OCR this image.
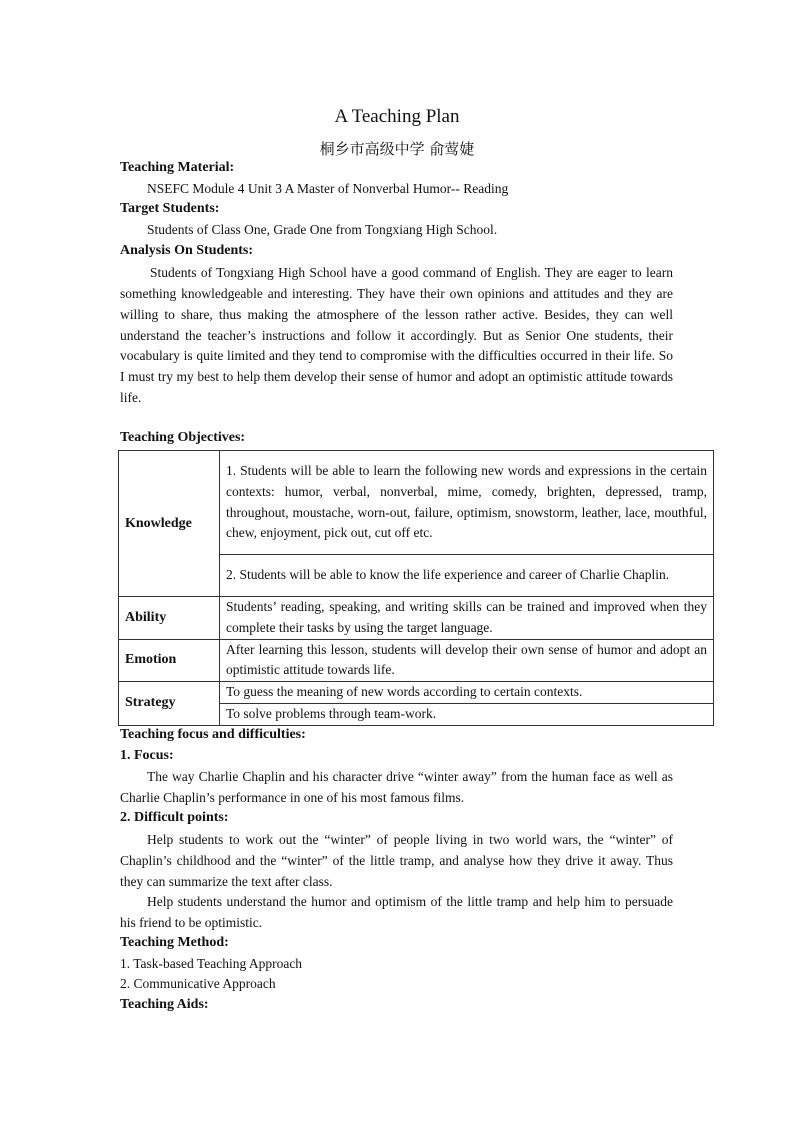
A Teaching Plan
桐乡市高级中学 俞莺婕
Teaching Material:
NSEFC Module 4 Unit 3 A Master of Nonverbal Humor-- Reading
Target Students:
Students of Class One, Grade One from Tongxiang High School.
Analysis On Students:
Students of Tongxiang High School have a good command of English. They are eager to learn something knowledgeable and interesting. They have their own opinions and attitudes and they are willing to share, thus making the atmosphere of the lesson rather active. Besides, they can well understand the teacher’s instructions and follow it accordingly. But as Senior One students, their vocabulary is quite limited and they tend to compromise with the difficulties occurred in their life. So I must try my best to help them develop their sense of humor and adopt an optimistic attitude towards life.
Teaching Objectives:
Knowledge	1. Students will be able to learn the following new words and expressions in the certain contexts: humor, verbal, nonverbal, mime, comedy, brighten, depressed, tramp, throughout, moustache, worn-out, failure, optimism, snowstorm, leather, lace, mouthful, chew, enjoyment, pick out, cut off etc.
	2. Students will be able to know the life experience and career of Charlie Chaplin.
Ability	Students’ reading, speaking, and writing skills can be trained and improved when they complete their tasks by using the target language.
Emotion	After learning this lesson, students will develop their own sense of humor and adopt an optimistic attitude towards life.
Strategy	To guess the meaning of new words according to certain contexts.
	To solve problems through team-work.
Teaching focus and difficulties:
1. Focus:
The way Charlie Chaplin and his character drive “winter away” from the human face as well as Charlie Chaplin’s performance in one of his most famous films.
2. Difficult points:
Help students to work out the “winter” of people living in two world wars, the “winter” of Chaplin’s childhood and the “winter” of the little tramp, and analyse how they drive it away. Thus they can summarize the text after class.
Help students understand the humor and optimism of the little tramp and help him to persuade his friend to be optimistic.
Teaching Method:
1. Task-based Teaching Approach
2. Communicative Approach
Teaching Aids:
